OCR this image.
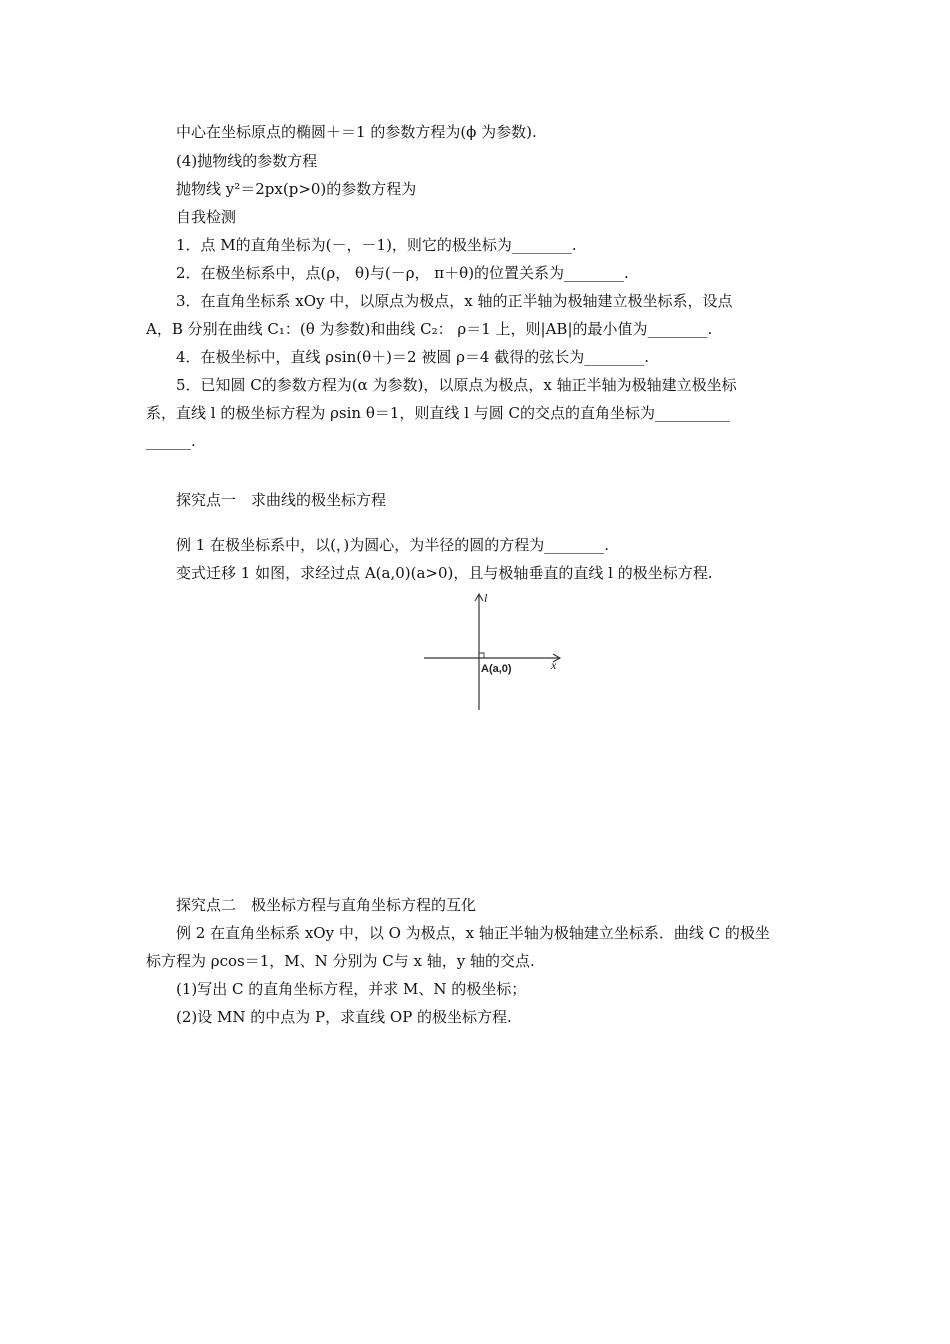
中心在坐标原点的椭圆＋＝1 的参数方程为(ϕ 为参数).
(4)抛物线的参数方程
抛物线 y²＝2px(p>0)的参数方程为
自我检测
1．点 M的直角坐标为(－，－1)，则它的极坐标为________.
2．在极坐标系中，点(ρ， θ)与(－ρ， π＋θ)的位置关系为________.
3．在直角坐标系 xOy 中，以原点为极点，x 轴的正半轴为极轴建立极坐标系，设点
A，B 分别在曲线 C₁：(θ 为参数)和曲线 C₂： ρ＝1 上，则|AB|的最小值为________.
4．在极坐标中，直线 ρsin(θ＋)＝2 被圆 ρ＝4 截得的弦长为________.
5．已知圆 C的参数方程为(α 为参数)，以原点为极点，x 轴正半轴为极轴建立极坐标
系，直线 l 的极坐标方程为 ρsin θ＝1，则直线 l 与圆 C的交点的直角坐标为__________
______.
探究点一　求曲线的极坐标方程
例 1 在极坐标系中，以(，)为圆心，为半径的圆的方程为________.
变式迁移 1 如图，求经过点 A(a,0)(a>0)，且与极轴垂直的直线 l 的极坐标方程.
l
x
A(a,0)
探究点二　极坐标方程与直角坐标方程的互化
例 2 在直角坐标系 xOy 中，以 O 为极点，x 轴正半轴为极轴建立坐标系．曲线 C 的极坐
标方程为 ρcos＝1，M、N 分别为 C与 x 轴，y 轴的交点.
(1)写出 C 的直角坐标方程，并求 M、N 的极坐标；
(2)设 MN 的中点为 P，求直线 OP 的极坐标方程.
